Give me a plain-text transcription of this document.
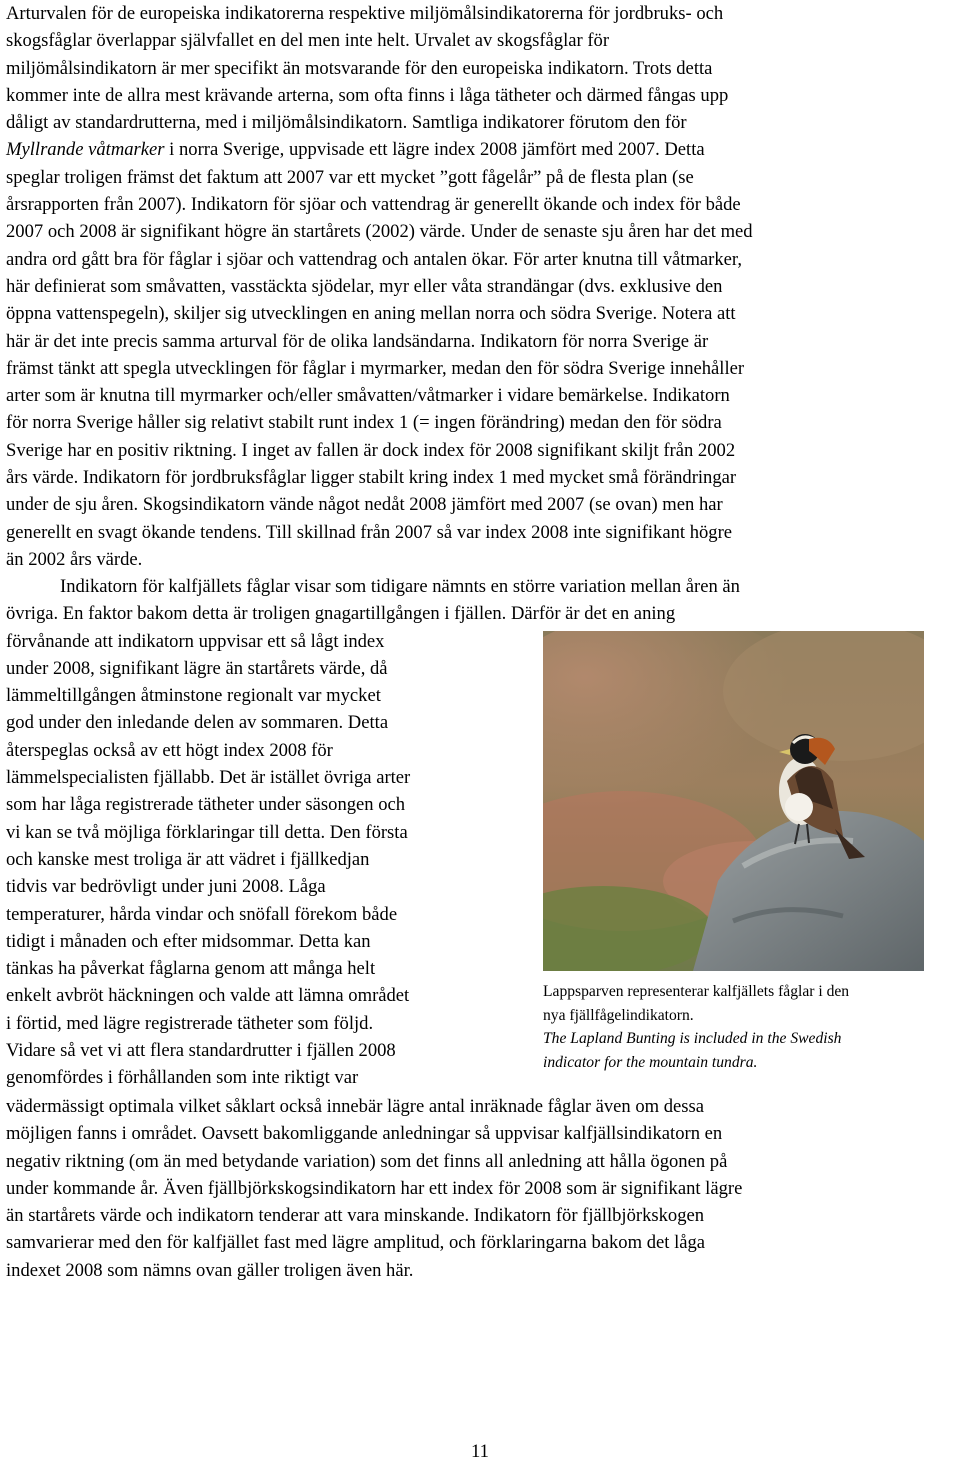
Arturvalen för de europeiska indikatorerna respektive miljömålsindikatorerna för jordbruks- och
skogsfåglar överlappar självfallet en del men inte helt. Urvalet av skogsfåglar för
miljömålsindikatorn är mer specifikt än motsvarande för den europeiska indikatorn. Trots detta
kommer inte de allra mest krävande arterna, som ofta finns i låga tätheter och därmed fångas upp
dåligt av standardrutterna, med i miljömålsindikatorn. Samtliga indikatorer förutom den för
Myllrande våtmarker i norra Sverige, uppvisade ett lägre index 2008 jämfört med 2007. Detta
speglar troligen främst det faktum att 2007 var ett mycket ”gott fågelår” på de flesta plan (se
årsrapporten från 2007). Indikatorn för sjöar och vattendrag är generellt ökande och index för både
2007 och 2008 är signifikant högre än startårets (2002) värde. Under de senaste sju åren har det med
andra ord gått bra för fåglar i sjöar och vattendrag och antalen ökar. För arter knutna till våtmarker,
här definierat som småvatten, vasstäckta sjödelar, myr eller våta strandängar (dvs. exklusive den
öppna vattenspegeln), skiljer sig utvecklingen en aning mellan norra och södra Sverige. Notera att
här är det inte precis samma arturval för de olika landsändarna. Indikatorn för norra Sverige är
främst tänkt att spegla utvecklingen för fåglar i myrmarker, medan den för södra Sverige innehåller
arter som är knutna till myrmarker och/eller småvatten/våtmarker i vidare bemärkelse. Indikatorn
för norra Sverige håller sig relativt stabilt runt index 1 (= ingen förändring) medan den för södra
Sverige har en positiv riktning. I inget av fallen är dock index för 2008 signifikant skiljt från 2002
års värde. Indikatorn för jordbruksfåglar ligger stabilt kring index 1 med mycket små förändringar
under de sju åren. Skogsindikatorn vände något nedåt 2008 jämfört med 2007 (se ovan) men har
generellt en svagt ökande tendens. Till skillnad från 2007 så var index 2008 inte signifikant högre
än 2002 års värde.
Indikatorn för kalfjällets fåglar visar som tidigare nämnts en större variation mellan åren än
övriga. En faktor bakom detta är troligen gnagartillgången i fjällen. Därför är det en aning
förvånande att indikatorn uppvisar ett så lågt index
under 2008, signifikant lägre än startårets värde, då
lämmeltillgången åtminstone regionalt var mycket
god under den inledande delen av sommaren. Detta
återspeglas också av ett högt index 2008 för
lämmelspecialisten fjällabb. Det är istället övriga arter
som har låga registrerade tätheter under säsongen och
vi kan se två möjliga förklaringar till detta. Den första
och kanske mest troliga är att vädret i fjällkedjan
tidvis var bedrövligt under juni 2008. Låga
temperaturer, hårda vindar och snöfall förekom både
tidigt i månaden och efter midsommar. Detta kan
tänkas ha påverkat fåglarna genom att många helt
enkelt avbröt häckningen och valde att lämna området
i förtid, med lägre registrerade tätheter som följd.
Vidare så vet vi att flera standardrutter i fjällen 2008
genomfördes i förhållanden som inte riktigt var
vädermässigt optimala vilket såklart också innebär lägre antal inräknade fåglar även om dessa
möjligen fanns i området. Oavsett bakomliggande anledningar så uppvisar kalfjällsindikatorn en
negativ riktning (om än med betydande variation) som det finns all anledning att hålla ögonen på
under kommande år. Även fjällbjörkskogsindikatorn har ett index för 2008 som är signifikant lägre
än startårets värde och indikatorn tenderar att vara minskande. Indikatorn för fjällbjörkskogen
samvarierar med den för kalfjället fast med lägre amplitud, och förklaringarna bakom det låga
indexet 2008 som nämns ovan gäller troligen även här.
Lappsparven representerar kalfjällets fåglar i den
nya fjällfågelindikatorn.
The Lapland Bunting is included in the Swedish
indicator for the mountain tundra.
11
